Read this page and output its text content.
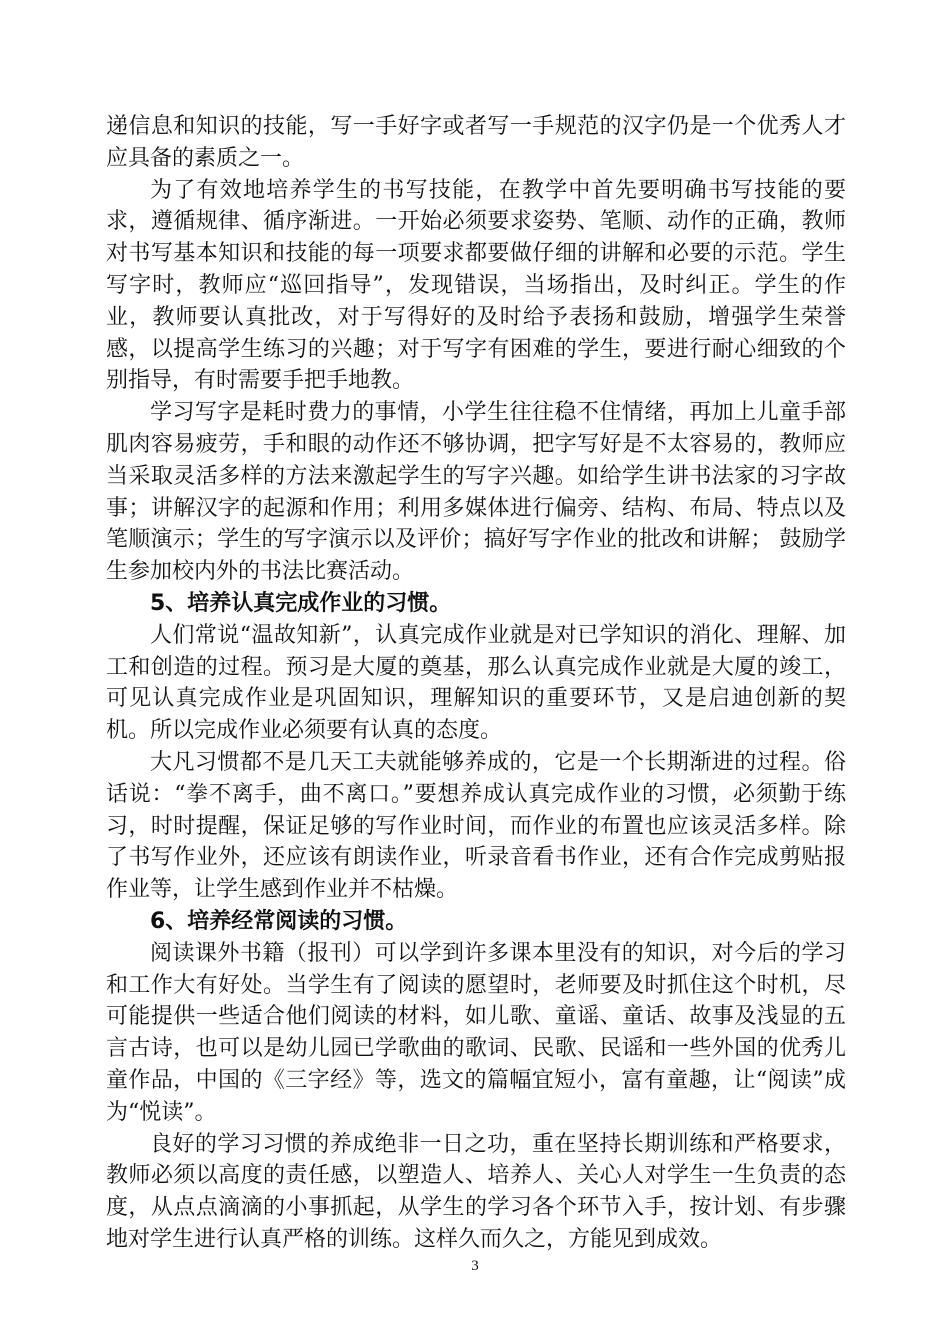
递信息和知识的技能，写一手好字或者写一手规范的汉字仍是一个优秀人才应具备的素质之一。

为了有效地培养学生的书写技能，在教学中首先要明确书写技能的要求，遵循规律、循序渐进。一开始必须要求姿势、笔顺、动作的正确，教师对书写基本知识和技能的每一项要求都要做仔细的讲解和必要的示范。学生写字时，教师应“巡回指导”，发现错误，当场指出，及时纠正。学生的作业，教师要认真批改，对于写得好的及时给予表扬和鼓励，增强学生荣誉感，以提高学生练习的兴趣；对于写字有困难的学生，要进行耐心细致的个别指导，有时需要手把手地教。

学习写字是耗时费力的事情，小学生往往稳不住情绪，再加上儿童手部肌肉容易疲劳，手和眼的动作还不够协调，把字写好是不太容易的，教师应当采取灵活多样的方法来激起学生的写字兴趣。如给学生讲书法家的习字故事；讲解汉字的起源和作用；利用多媒体进行偏旁、结构、布局、特点以及笔顺演示；学生的写字演示以及评价；搞好写字作业的批改和讲解； 鼓励学生参加校内外的书法比赛活动。

5、培养认真完成作业的习惯。

人们常说“温故知新”，认真完成作业就是对已学知识的消化、理解、加工和创造的过程。预习是大厦的奠基，那么认真完成作业就是大厦的竣工，可见认真完成作业是巩固知识，理解知识的重要环节，又是启迪创新的契机。所以完成作业必须要有认真的态度。

大凡习惯都不是几天工夫就能够养成的，它是一个长期渐进的过程。俗话说：“拳不离手，曲不离口。”要想养成认真完成作业的习惯，必须勤于练习，时时提醒，保证足够的写作业时间，而作业的布置也应该灵活多样。除了书写作业外，还应该有朗读作业，听录音看书作业，还有合作完成剪贴报作业等，让学生感到作业并不枯燥。

6、培养经常阅读的习惯。

阅读课外书籍（报刊）可以学到许多课本里没有的知识，对今后的学习和工作大有好处。当学生有了阅读的愿望时，老师要及时抓住这个时机，尽可能提供一些适合他们阅读的材料，如儿歌、童谣、童话、故事及浅显的五言古诗，也可以是幼儿园已学歌曲的歌词、民歌、民谣和一些外国的优秀儿童作品，中国的《三字经》等，选文的篇幅宜短小，富有童趣，让“阅读”成为“悦读”。

良好的学习习惯的养成绝非一日之功，重在坚持长期训练和严格要求，教师必须以高度的责任感，以塑造人、培养人、关心人对学生一生负责的态度，从点点滴滴的小事抓起，从学生的学习各个环节入手，按计划、有步骤地对学生进行认真严格的训练。这样久而久之，方能见到成效。

3
